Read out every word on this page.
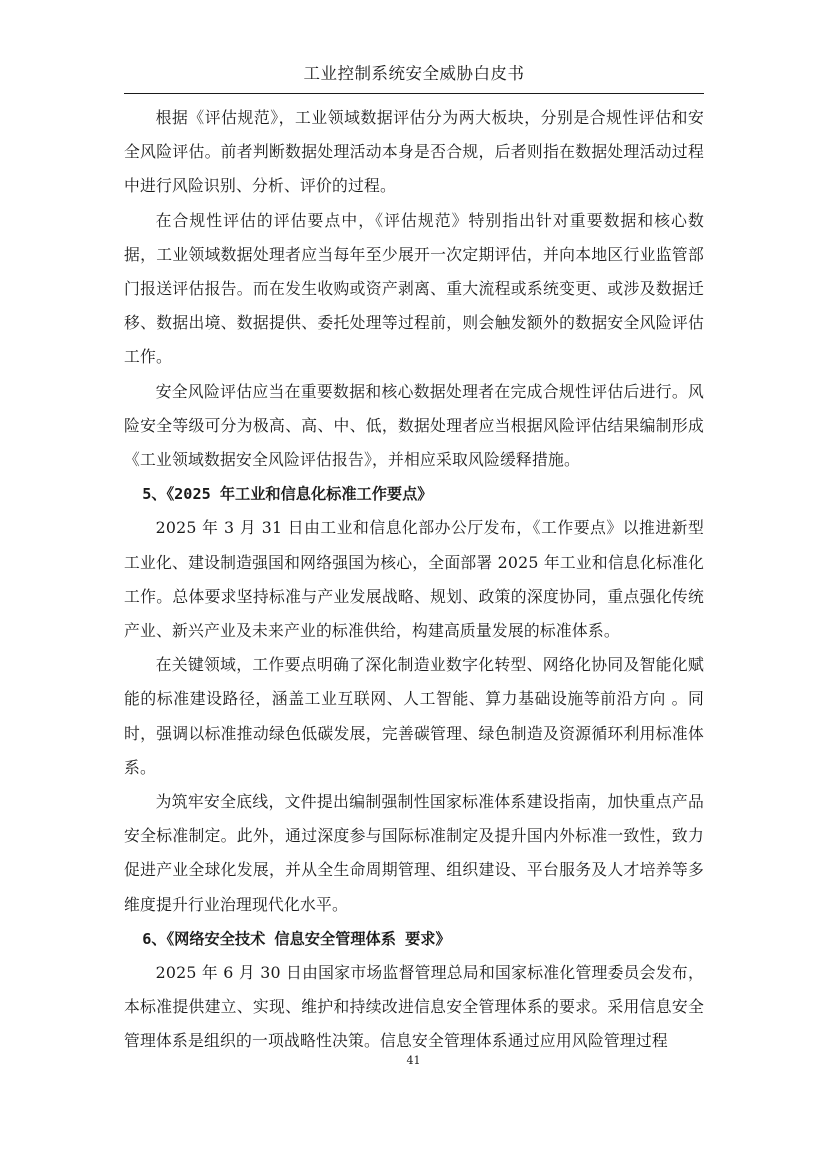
工业控制系统安全威胁白皮书

根据《评估规范》，工业领域数据评估分为两大板块，分别是合规性评估和安全风险评估。前者判断数据处理活动本身是否合规，后者则指在数据处理活动过程中进行风险识别、分析、评价的过程。

在合规性评估的评估要点中，《评估规范》特别指出针对重要数据和核心数据，工业领域数据处理者应当每年至少展开一次定期评估，并向本地区行业监管部门报送评估报告。而在发生收购或资产剥离、重大流程或系统变更、或涉及数据迁移、数据出境、数据提供、委托处理等过程前，则会触发额外的数据安全风险评估工作。

安全风险评估应当在重要数据和核心数据处理者在完成合规性评估后进行。风险安全等级可分为极高、高、中、低，数据处理者应当根据风险评估结果编制形成《工业领域数据安全风险评估报告》，并相应采取风险缓释措施。

5、《2025 年工业和信息化标准工作要点》

2025 年 3 月 31 日由工业和信息化部办公厅发布，《工作要点》以推进新型工业化、建设制造强国和网络强国为核心，全面部署 2025 年工业和信息化标准化工作。总体要求坚持标准与产业发展战略、规划、政策的深度协同，重点强化传统产业、新兴产业及未来产业的标准供给，构建高质量发展的标准体系。

在关键领域，工作要点明确了深化制造业数字化转型、网络化协同及智能化赋能的标准建设路径，涵盖工业互联网、人工智能、算力基础设施等前沿方向 。同时，强调以标准推动绿色低碳发展，完善碳管理、绿色制造及资源循环利用标准体系。

为筑牢安全底线，文件提出编制强制性国家标准体系建设指南，加快重点产品安全标准制定。此外，通过深度参与国际标准制定及提升国内外标准一致性，致力促进产业全球化发展，并从全生命周期管理、组织建设、平台服务及人才培养等多维度提升行业治理现代化水平。

6、《网络安全技术 信息安全管理体系 要求》

2025 年 6 月 30 日由国家市场监督管理总局和国家标准化管理委员会发布，本标准提供建立、实现、维护和持续改进信息安全管理体系的要求。采用信息安全管理体系是组织的一项战略性决策。信息安全管理体系通过应用风险管理过程

41
